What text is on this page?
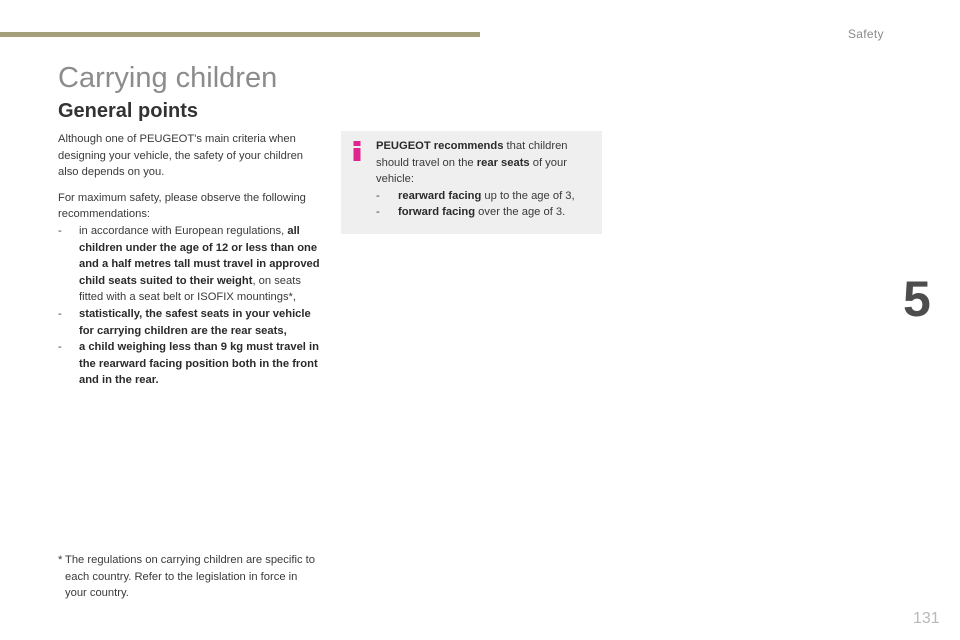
Safety
Carrying children
General points

Although one of PEUGEOT's main criteria when designing your vehicle, the safety of your children also depends on you.

For maximum safety, please observe the following recommendations:

- in accordance with European regulations, all children under the age of 12 or less than one and a half metres tall must travel in approved child seats suited to their weight, on seats fitted with a seat belt or ISOFIX mountings*,
- statistically, the safest seats in your vehicle for carrying children are the rear seats,
- a child weighing less than 9 kg must travel in the rearward facing position both in the front and in the rear.
PEUGEOT recommends that children should travel on the rear seats of your vehicle:
- rearward facing up to the age of 3,
- forward facing over the age of 3.
5
* The regulations on carrying children are specific to each country. Refer to the legislation in force in your country.
131
